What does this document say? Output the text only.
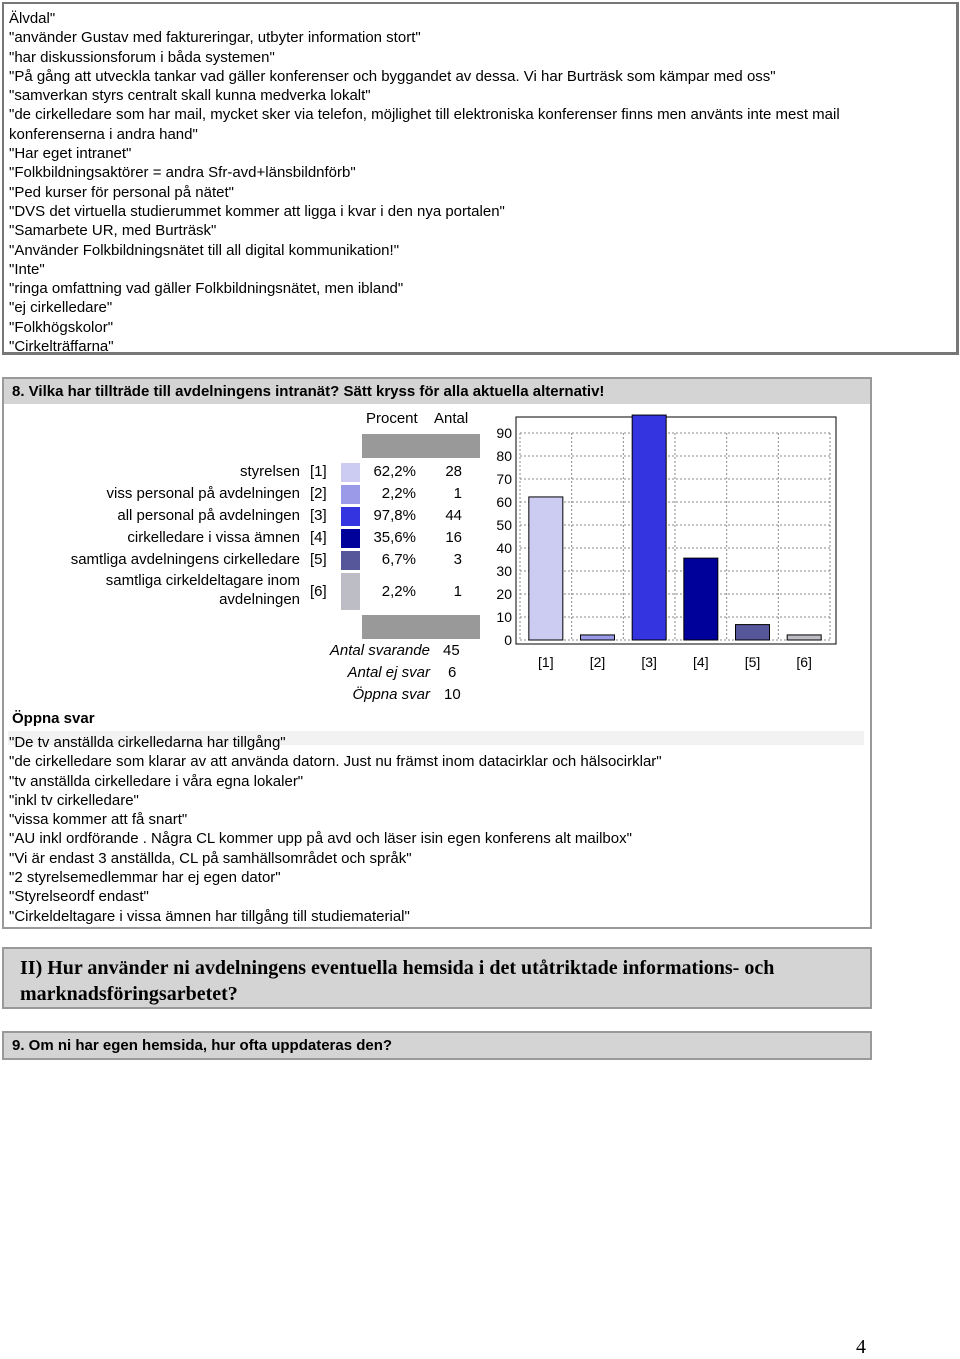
Älvdal"
"använder Gustav med faktureringar, utbyter information stort"
"har diskussionsforum i båda systemen"
"På gång att utveckla tankar vad gäller konferenser och byggandet av dessa. Vi har Burträsk som kämpar med oss"
"samverkan styrs centralt skall kunna medverka lokalt"
"de cirkelledare som har mail, mycket sker via telefon, möjlighet till elektroniska konferenser finns men använts inte mest mail
konferenserna i andra hand"
"Har eget intranet"
"Folkbildningsaktörer = andra Sfr-avd+länsbildnförb"
"Ped kurser för personal på nätet"
"DVS det virtuella studierummet kommer att ligga i kvar i den nya portalen"
"Samarbete UR, med Burträsk"
"Använder Folkbildningsnätet till all digital kommunikation!"
"Inte"
"ringa omfattning vad gäller Folkbildningsnätet, men ibland"
"ej cirkelledare"
"Folkhögskolor"
"Cirkelträffarna"
8. Vilka har tillträde till avdelningens intranät? Sätt kryss för alla aktuella alternativ!
Procent Antal
styrelsen [1]	62,2% 28
viss personal på avdelningen [2]	2,2%	1
all personal på avdelningen [3]	97,8% 44
cirkelledare i vissa ämnen [4]	35,6% 16
samtliga avdelningens cirkelledare [5]	6,7%	3
samtliga cirkeldeltagare inom
avdelningen [6]	2,2%	1
Antal svarande 45
Antal ej svar 6
Öppna svar 10
0
10
20
30
40
50
60
70
80
90
[1]	[2]	[3]	[4]	[5]	[6]
Öppna svar
"De tv anställda cirkelledarna har tillgång"
"de cirkelledare som klarar av att använda datorn. Just nu främst inom datacirklar och hälsocirklar"
"tv anställda cirkelledare i våra egna lokaler"
"inkl tv cirkelledare"
"vissa kommer att få snart"
"AU inkl ordförande . Några CL kommer upp på avd och läser isin egen konferens alt mailbox"
"Vi är endast 3 anställda, CL på samhällsområdet och språk"
"2 styrelsemedlemmar har ej egen dator"
"Styrelseordf endast"
"Cirkeldeltagare i vissa ämnen har tillgång till studiematerial"
II) Hur använder ni avdelningens eventuella hemsida i det utåtriktade informations- och
marknadsföringsarbetet?
9. Om ni har egen hemsida, hur ofta uppdateras den?
4
